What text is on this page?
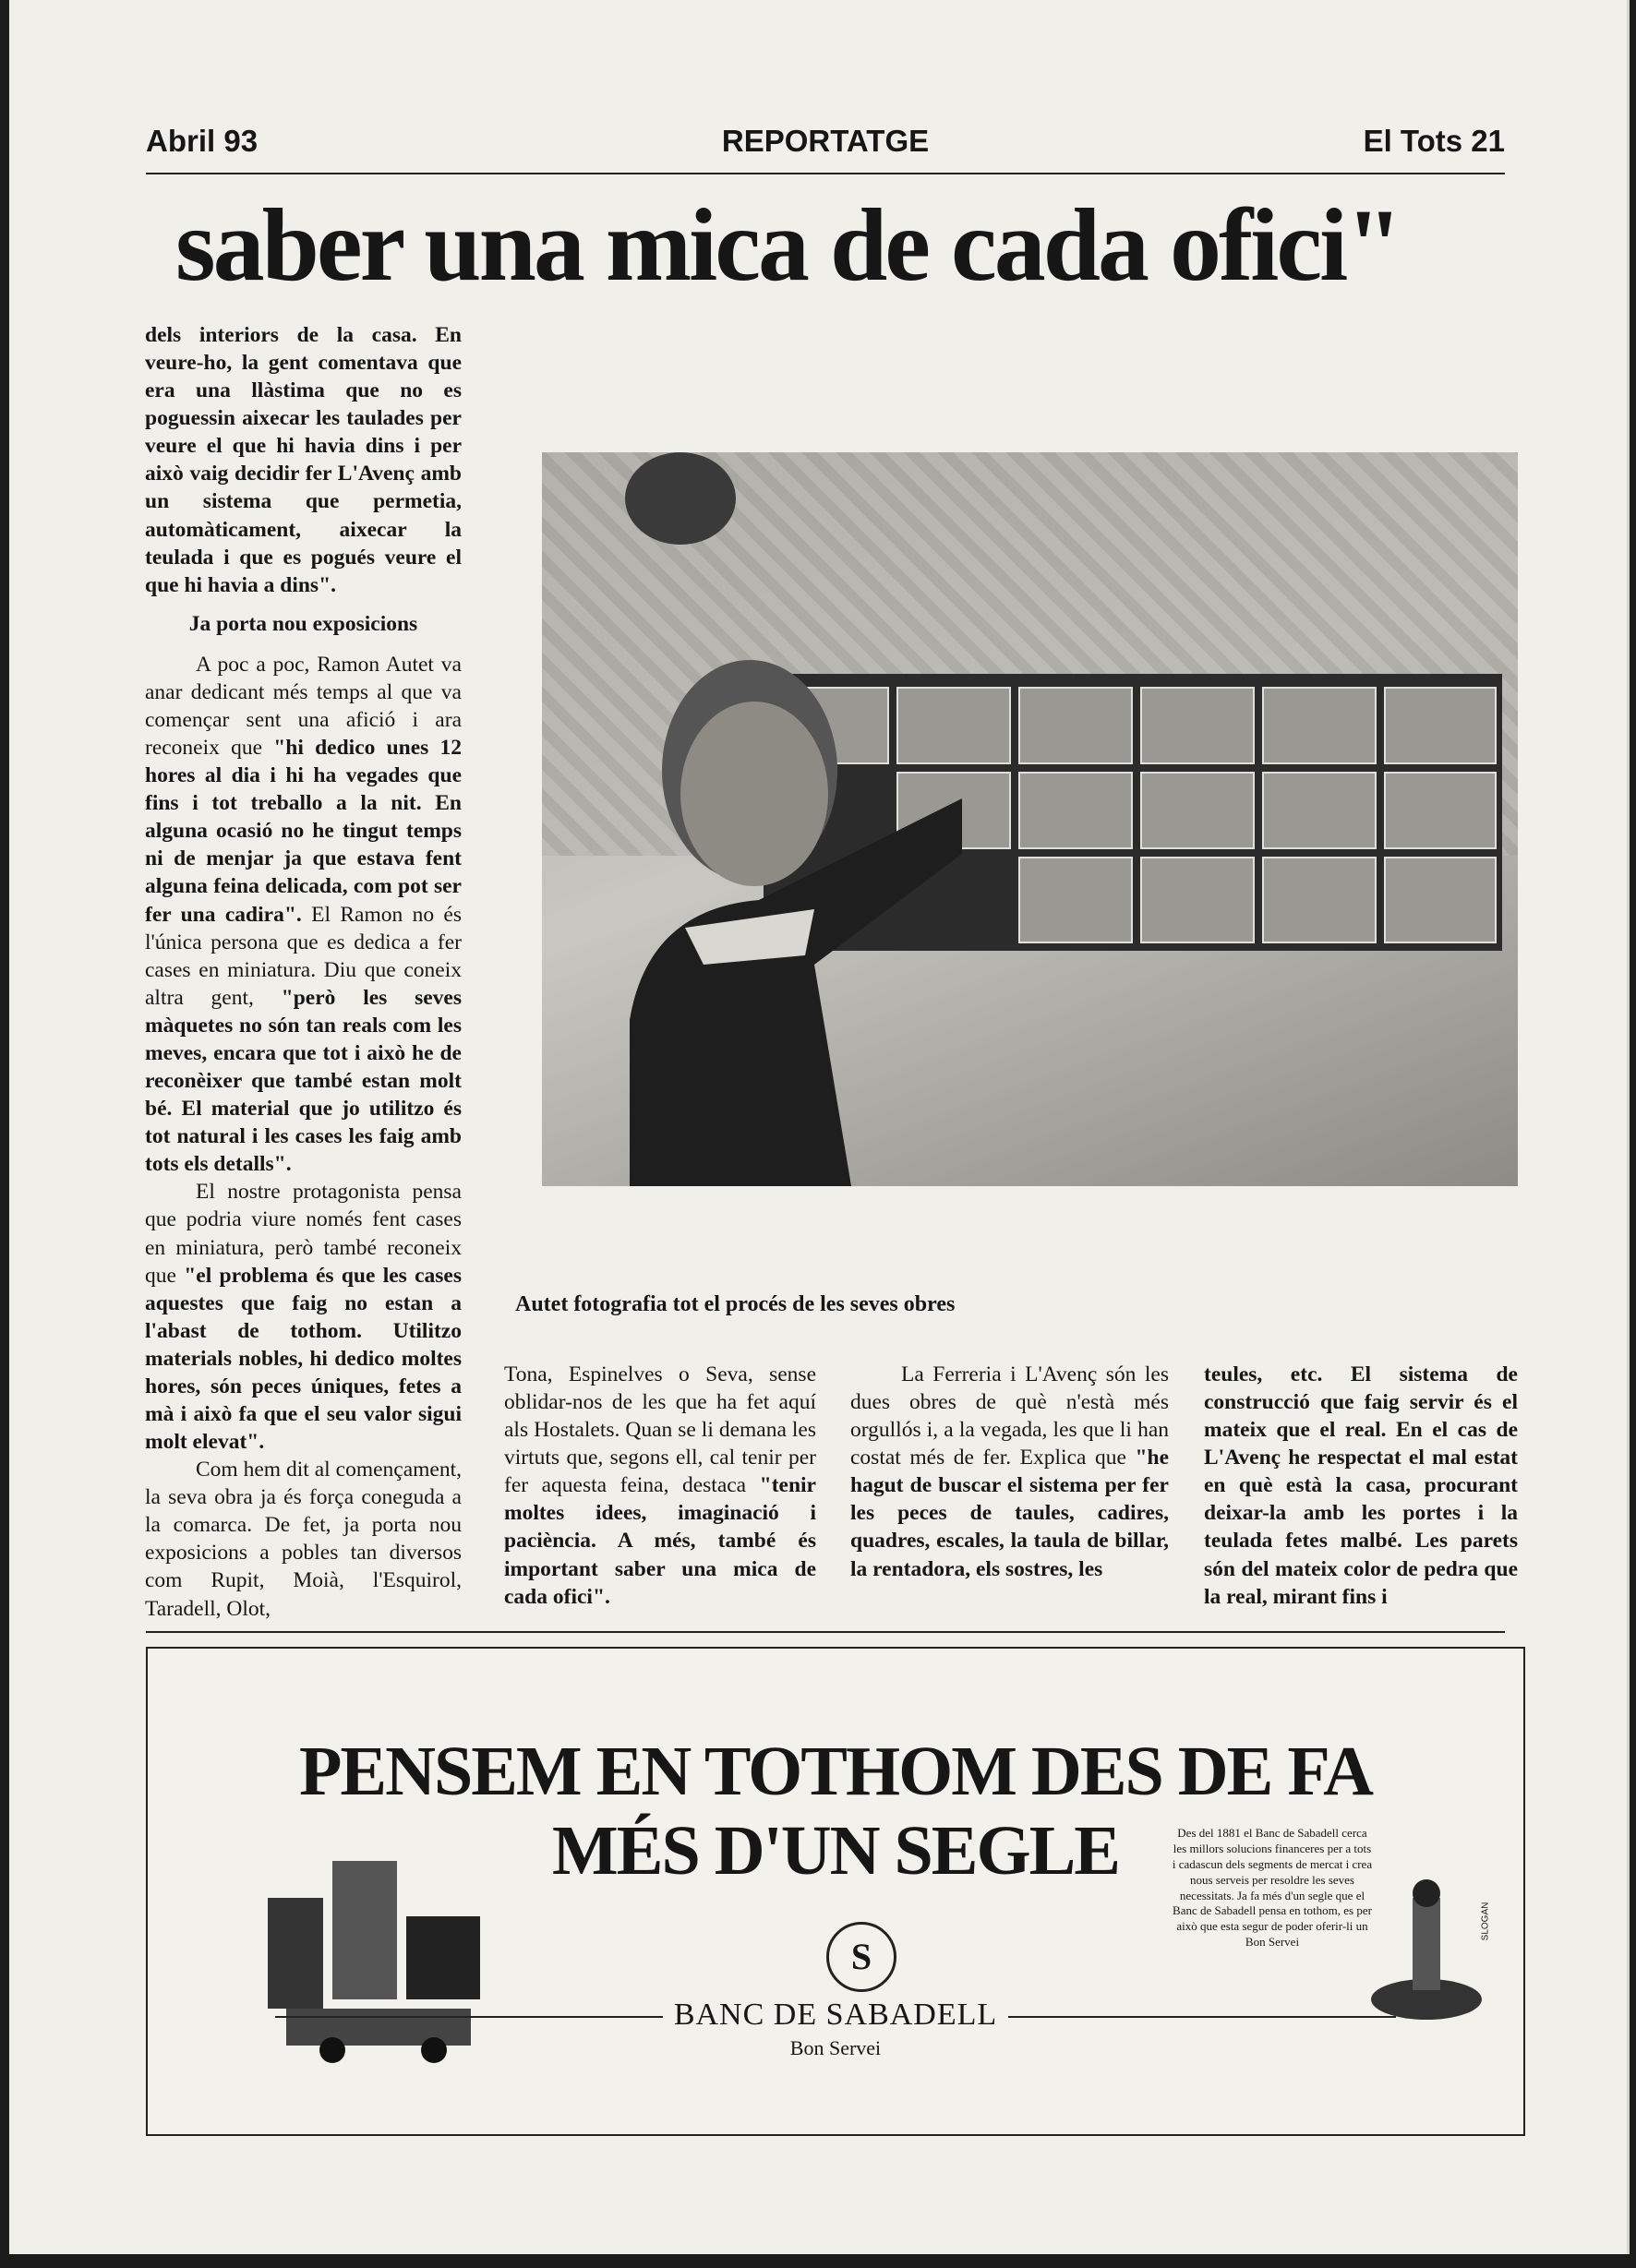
Abril 93	REPORTATGE	El Tots 21
saber una mica de cada ofici"

dels interiors de la casa. En veure-ho, la gent comentava que era una llàstima que no es poguessin aixecar les taulades per veure el que hi havia dins i per això vaig decidir fer L'Avenç amb un sistema que permetia, automàticament, aixecar la teulada i que es pogués veure el que hi havia a dins".

Ja porta nou exposicions

A poc a poc, Ramon Autet va anar dedicant més temps al que va començar sent una afició i ara reconeix que "hi dedico unes 12 hores al dia i hi ha vegades que fins i tot treballo a la nit. En alguna ocasió no he tingut temps ni de menjar ja que estava fent alguna feina delicada, com pot ser fer una cadira". El Ramon no és l'única persona que es dedica a fer cases en miniatura. Diu que coneix altra gent, "però les seves màquetes no són tan reals com les meves, encara que tot i això he de reconèixer que també estan molt bé. El material que jo utilitzo és tot natural i les cases les faig amb tots els detalls".

El nostre protagonista pensa que podria viure només fent cases en miniatura, però també reconeix que "el problema és que les cases aquestes que faig no estan a l'abast de tothom. Utilitzo materials nobles, hi dedico moltes hores, són peces úniques, fetes a mà i això fa que el seu valor sigui molt elevat".

Com hem dit al començament, la seva obra ja és força coneguda a la comarca. De fet, ja porta nou exposicions a pobles tan diversos com Rupit, Moià, l'Esquirol, Taradell, Olot,

Autet fotografia tot el procés de les seves obres

Tona, Espinelves o Seva, sense oblidar-nos de les que ha fet aquí als Hostalets. Quan se li demana les virtuts que, segons ell, cal tenir per fer aquesta feina, destaca "tenir moltes idees, imaginació i paciència. A més, també és important saber una mica de cada ofici".

La Ferreria i L'Avenç són les dues obres de què n'està més orgullós i, a la vegada, les que li han costat més de fer. Explica que "he hagut de buscar el sistema per fer les peces de taules, cadires, quadres, escales, la taula de billar, la rentadora, els sostres, les

teules, etc. El sistema de construcció que faig servir és el mateix que el real. En el cas de L'Avenç he respectat el mal estat en què està la casa, procurant deixar-la amb les portes i la teulada fetes malbé. Les parets són del mateix color de pedra que la real, mirant fins i

PENSEM EN TOTHOM DES DE FA
MÉS D'UN SEGLE
S
BANC DE SABADELL
Bon Servei
Des del 1881 el Banc de Sabadell cerca les millors solucions financeres per a tots i cadascun dels segments de mercat i crea nous serveis per resoldre les seves necessitats. Ja fa més d'un segle que el Banc de Sabadell pensa en tothom, es per això que esta segur de poder oferir-li un Bon Servei
SLOGAN
